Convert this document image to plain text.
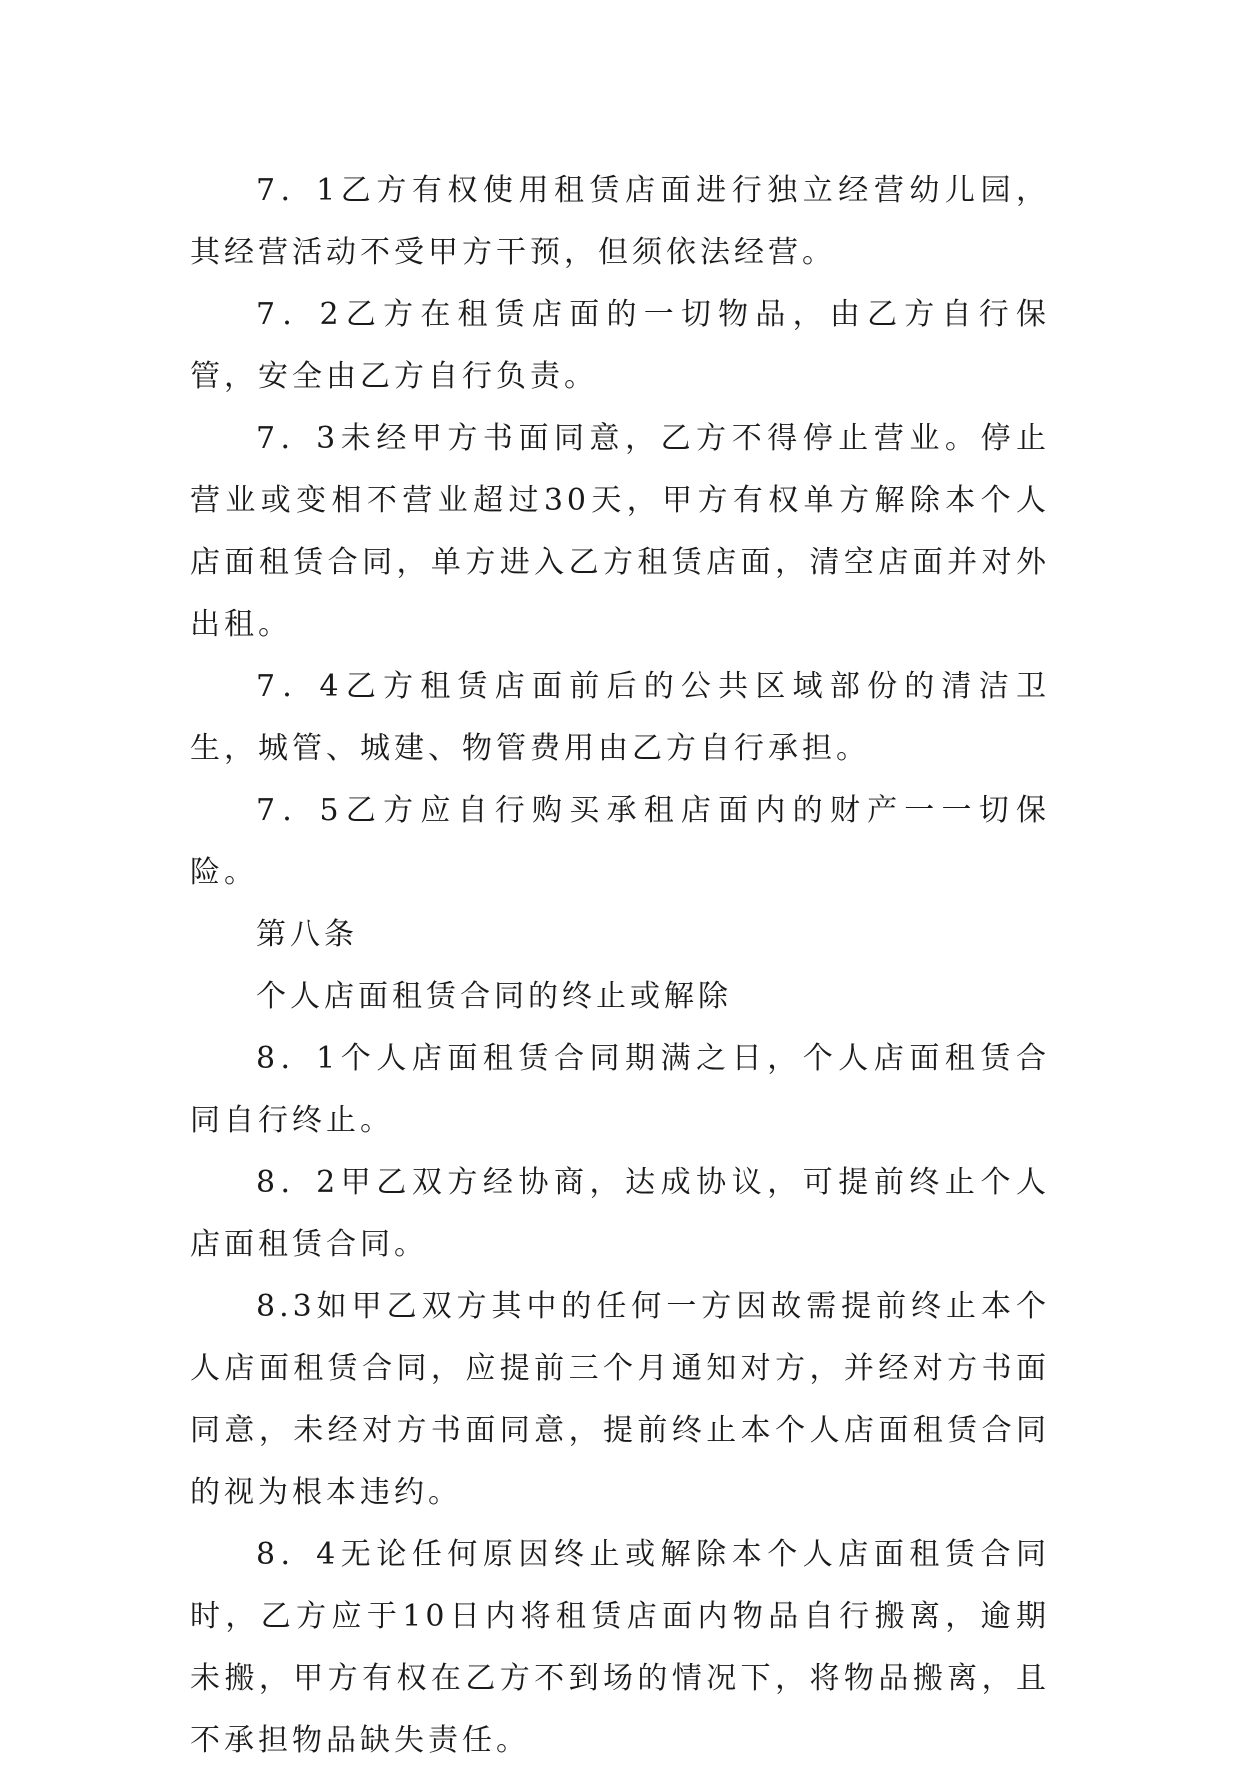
7．1乙方有权使用租赁店面进行独立经营幼儿园，其经营活动不受甲方干预，但须依法经营。

7．2乙方在租赁店面的一切物品，由乙方自行保管，安全由乙方自行负责。

7．3未经甲方书面同意，乙方不得停止营业。停止营业或变相不营业超过30天，甲方有权单方解除本个人店面租赁合同，单方进入乙方租赁店面，清空店面并对外出租。

7．4乙方租赁店面前后的公共区域部份的清洁卫生，城管、城建、物管费用由乙方自行承担。

7．5乙方应自行购买承租店面内的财产一一切保险。

第八条

个人店面租赁合同的终止或解除

8．1个人店面租赁合同期满之日，个人店面租赁合同自行终止。

8．2甲乙双方经协商，达成协议，可提前终止个人店面租赁合同。

8.3如甲乙双方其中的任何一方因故需提前终止本个人店面租赁合同，应提前三个月通知对方，并经对方书面同意，未经对方书面同意，提前终止本个人店面租赁合同的视为根本违约。

8．4无论任何原因终止或解除本个人店面租赁合同时，乙方应于10日内将租赁店面内物品自行搬离，逾期未搬，甲方有权在乙方不到场的情况下，将物品搬离，且不承担物品缺失责任。
